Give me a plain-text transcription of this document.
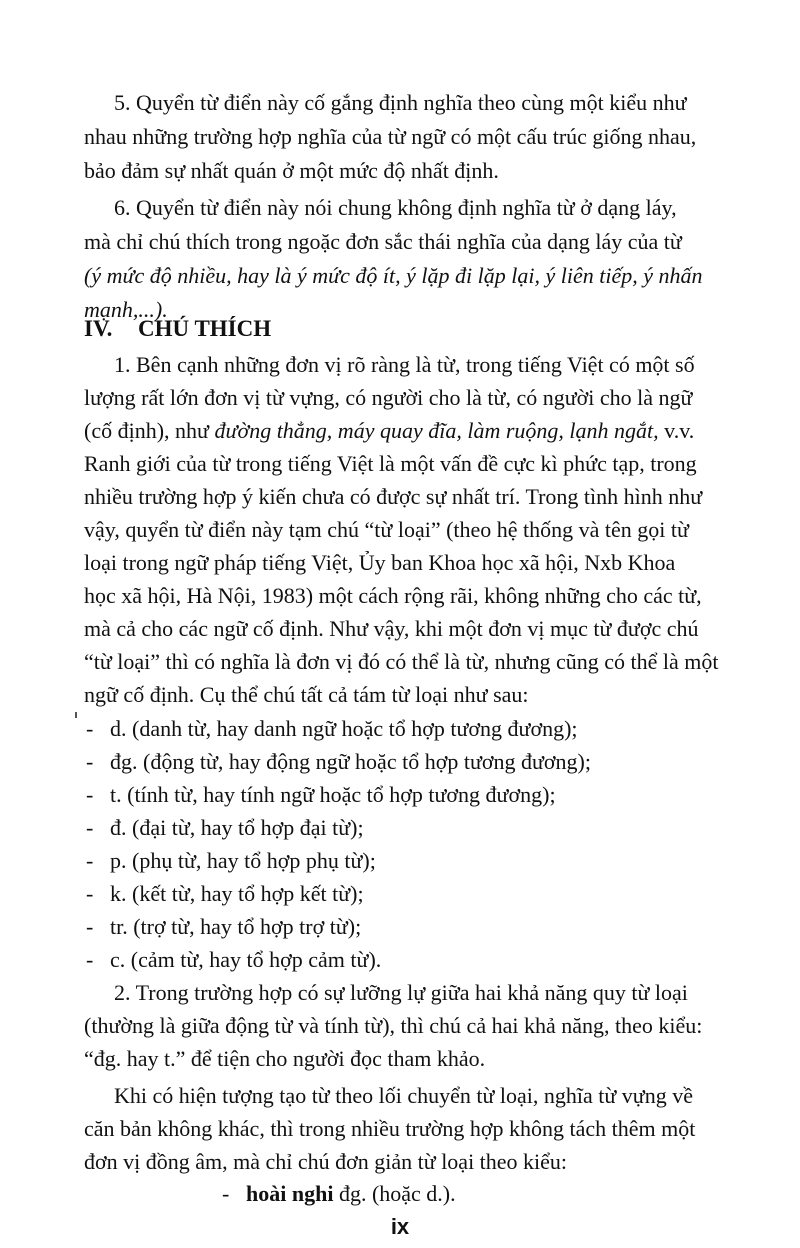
5. Quyển từ điển này cố gắng định nghĩa theo cùng một kiểu như
nhau những trường hợp nghĩa của từ ngữ có một cấu trúc giống nhau,
bảo đảm sự nhất quán ở một mức độ nhất định.
6. Quyển từ điển này nói chung không định nghĩa từ ở dạng láy,
mà chỉ chú thích trong ngoặc đơn sắc thái nghĩa của dạng láy của từ
(ý mức độ nhiều, hay là ý mức độ ít, ý lặp đi lặp lại, ý liên tiếp, ý nhấn
mạnh,...).
IV. CHÚ THÍCH
1. Bên cạnh những đơn vị rõ ràng là từ, trong tiếng Việt có một số
lượng rất lớn đơn vị từ vựng, có người cho là từ, có người cho là ngữ
(cố định), như đường thẳng, máy quay đĩa, làm ruộng, lạnh ngắt, v.v.
Ranh giới của từ trong tiếng Việt là một vấn đề cực kì phức tạp, trong
nhiều trường hợp ý kiến chưa có được sự nhất trí. Trong tình hình như
vậy, quyển từ điển này tạm chú “từ loại” (theo hệ thống và tên gọi từ
loại trong ngữ pháp tiếng Việt, Ủy ban Khoa học xã hội, Nxb Khoa
học xã hội, Hà Nội, 1983) một cách rộng rãi, không những cho các từ,
mà cả cho các ngữ cố định. Như vậy, khi một đơn vị mục từ được chú
“từ loại” thì có nghĩa là đơn vị đó có thể là từ, nhưng cũng có thể là một
ngữ cố định. Cụ thể chú tất cả tám từ loại như sau:
- d. (danh từ, hay danh ngữ hoặc tổ hợp tương đương);
- đg. (động từ, hay động ngữ hoặc tổ hợp tương đương);
- t. (tính từ, hay tính ngữ hoặc tổ hợp tương đương);
- đ. (đại từ, hay tổ hợp đại từ);
- p. (phụ từ, hay tổ hợp phụ từ);
- k. (kết từ, hay tổ hợp kết từ);
- tr. (trợ từ, hay tổ hợp trợ từ);
- c. (cảm từ, hay tổ hợp cảm từ).
2. Trong trường hợp có sự lưỡng lự giữa hai khả năng quy từ loại
(thường là giữa động từ và tính từ), thì chú cả hai khả năng, theo kiểu:
“đg. hay t.” để tiện cho người đọc tham khảo.
Khi có hiện tượng tạo từ theo lối chuyển từ loại, nghĩa từ vựng về
căn bản không khác, thì trong nhiều trường hợp không tách thêm một
đơn vị đồng âm, mà chỉ chú đơn giản từ loại theo kiểu:
- hoài nghi đg. (hoặc d.).
ix
